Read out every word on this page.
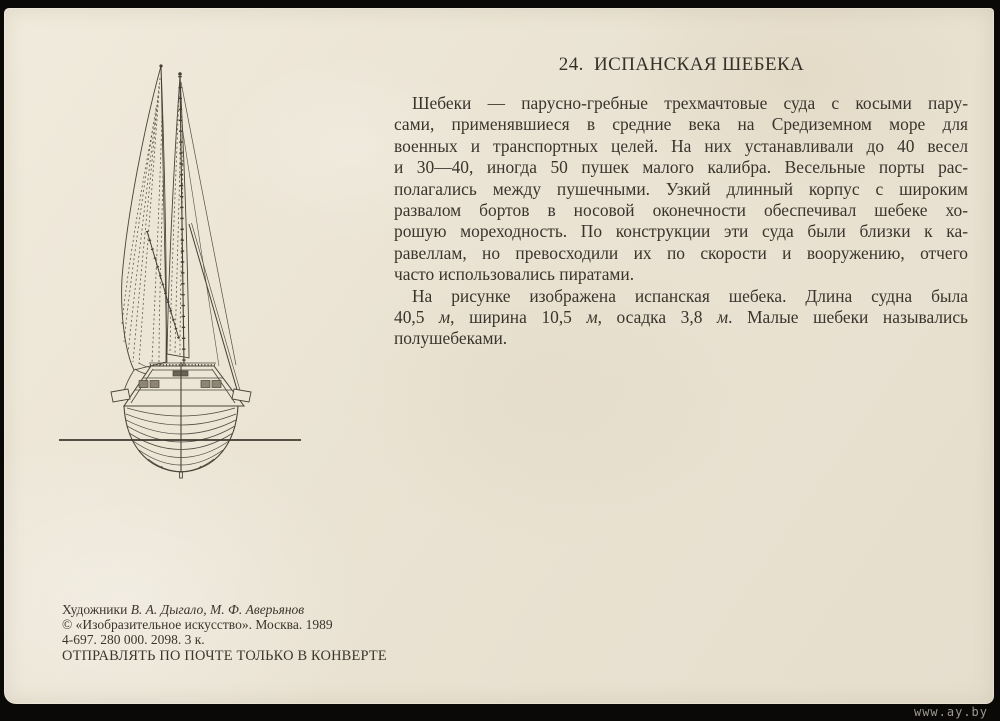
24.  ИСПАНСКАЯ ШЕБЕКА
Шебеки — парусно-гребные трехмачтовые суда с косыми пару-
сами, применявшиеся в средние века на Средиземном море для
военных и транспортных целей. На них устанавливали до 40 весел
и 30—40, иногда 50 пушек малого калибра. Весельные порты рас-
полагались между пушечными. Узкий длинный корпус с широким
развалом бортов в носовой оконечности обеспечивал шебеке хо-
рошую мореходность. По конструкции эти суда были близки к ка-
равеллам, но превосходили их по скорости и вооружению, отчего
часто использовались пиратами.
На рисунке изображена испанская шебека. Длина судна была
40,5 м, ширина 10,5 м, осадка 3,8 м. Малые шебеки назывались
полушебеками.
Художники В. А. Дыгало, М. Ф. Аверьянов
© «Изобразительное искусство». Москва. 1989
4-697. 280 000. 2098. 3 к.
ОТПРАВЛЯТЬ ПО ПОЧТЕ ТОЛЬКО В КОНВЕРТЕ
www.ay.by
